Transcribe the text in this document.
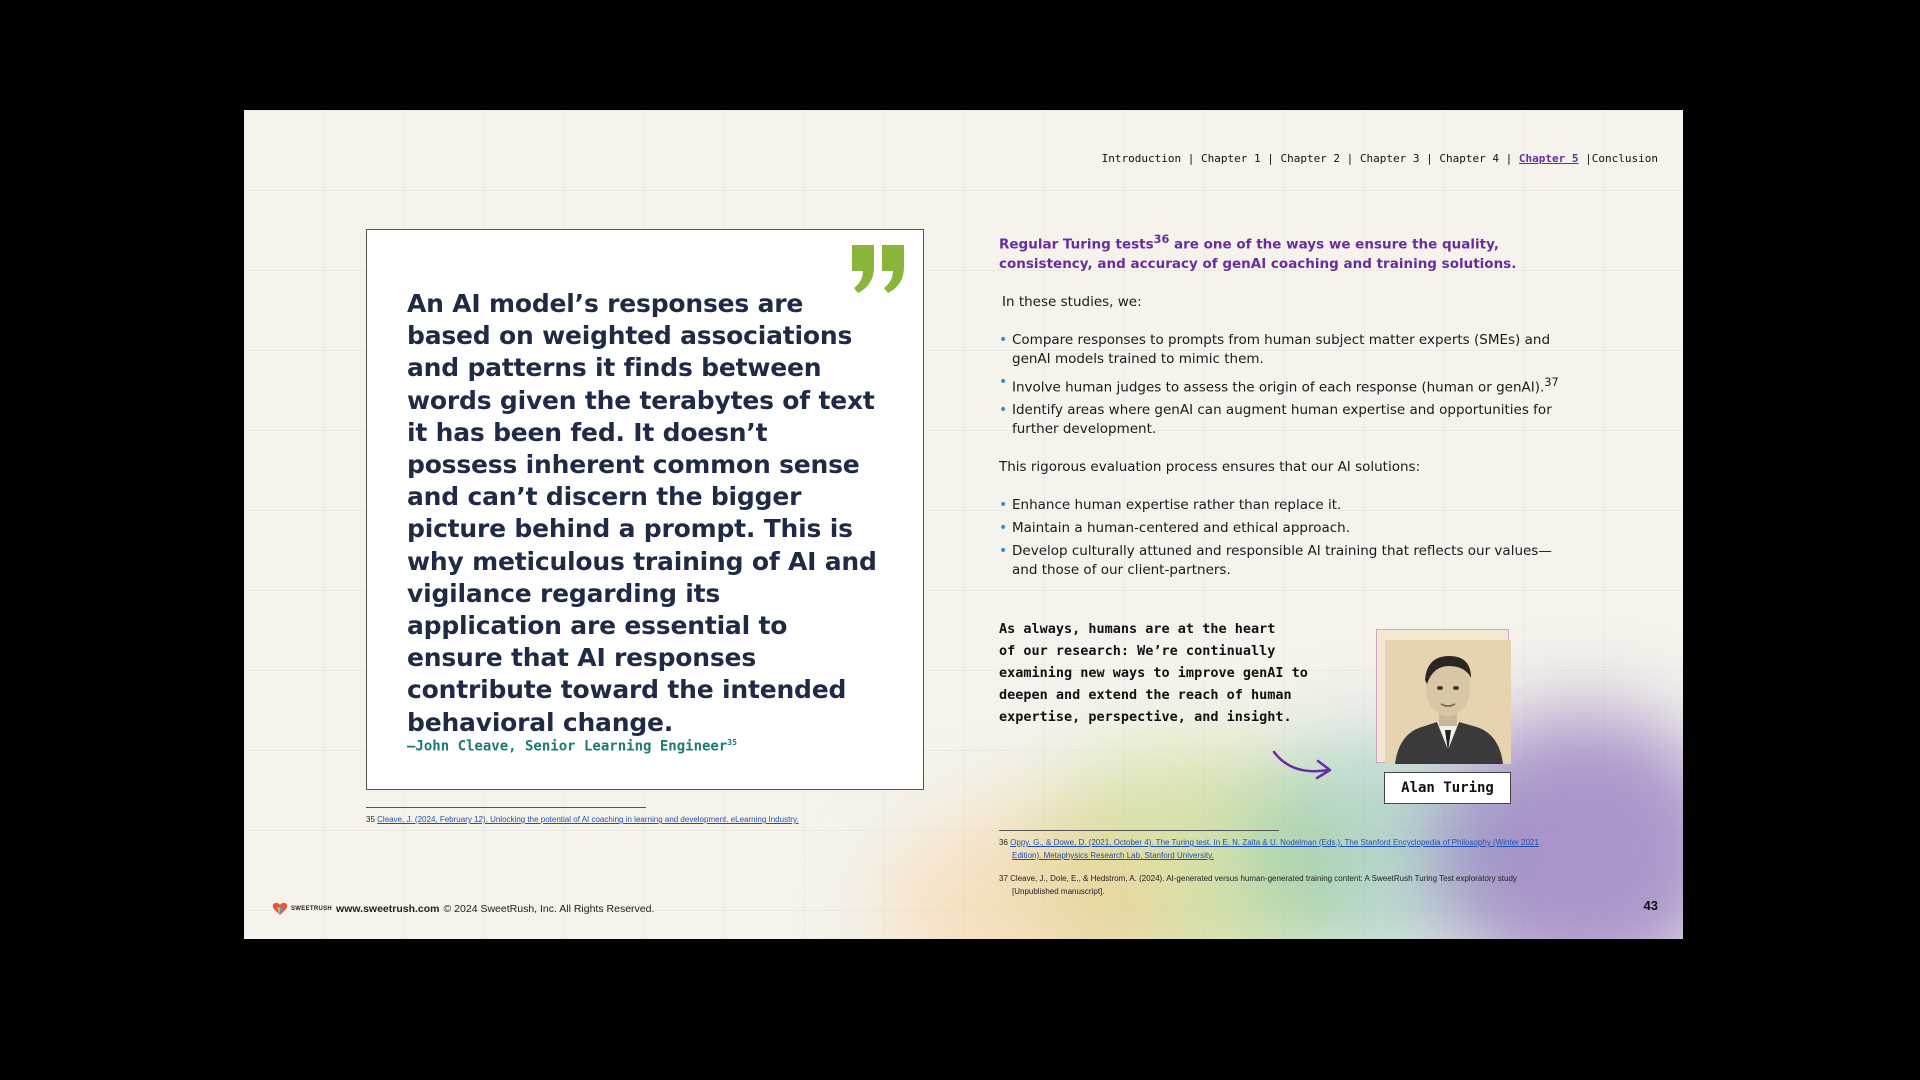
Introduction | Chapter 1 | Chapter 2 | Chapter 3 | Chapter 4 | Chapter 5 |Conclusion

An AI model’s responses are based on weighted associations and patterns it finds between words given the terabytes of text it has been fed. It doesn’t possess inherent common sense and can’t discern the bigger picture behind a prompt. This is why meticulous training of AI and vigilance regarding its application are essential to ensure that AI responses contribute toward the intended behavioral change.

—John Cleave, Senior Learning Engineer$^{35}$
35 Cleave, J. (2024, February 12). Unlocking the potential of AI coaching in learning and development. eLearning Industry.

Regular Turing tests$^{36}$ are one of the ways we ensure the quality, consistency, and accuracy of genAI coaching and training solutions.

In these studies, we:

• Compare responses to prompts from human subject matter experts (SMEs) and genAI models trained to mimic them.
• Involve human judges to assess the origin of each response (human or genAI).$^{37}$
• Identify areas where genAI can augment human expertise and opportunities for further development.

This rigorous evaluation process ensures that our AI solutions:

• Enhance human expertise rather than replace it.
• Maintain a human-centered and ethical approach.
• Develop culturally attuned and responsible AI training that reflects our values—and those of our client-partners.

As always, humans are at the heart
of our research: We’re continually
examining new ways to improve genAI to
deepen and extend the reach of human
expertise, perspective, and insight.

Alan Turing
36 Oppy, G., & Dowe, D. (2021, October 4). The Turing test. In E. N. Zalta & U. Nodelman (Eds.), The Stanford Encyclopedia of Philosophy (Winter 2021 Edition). Metaphysics Research Lab, Stanford University.
37 Cleave, J., Dole, E., & Hedstrom, A. (2024). AI-generated versus human-generated training content: A SweetRush Turing Test exploratory study [Unpublished manuscript].
SWEETRUSH www.sweetrush.com © 2024 SweetRush, Inc. All Rights Reserved.	43
